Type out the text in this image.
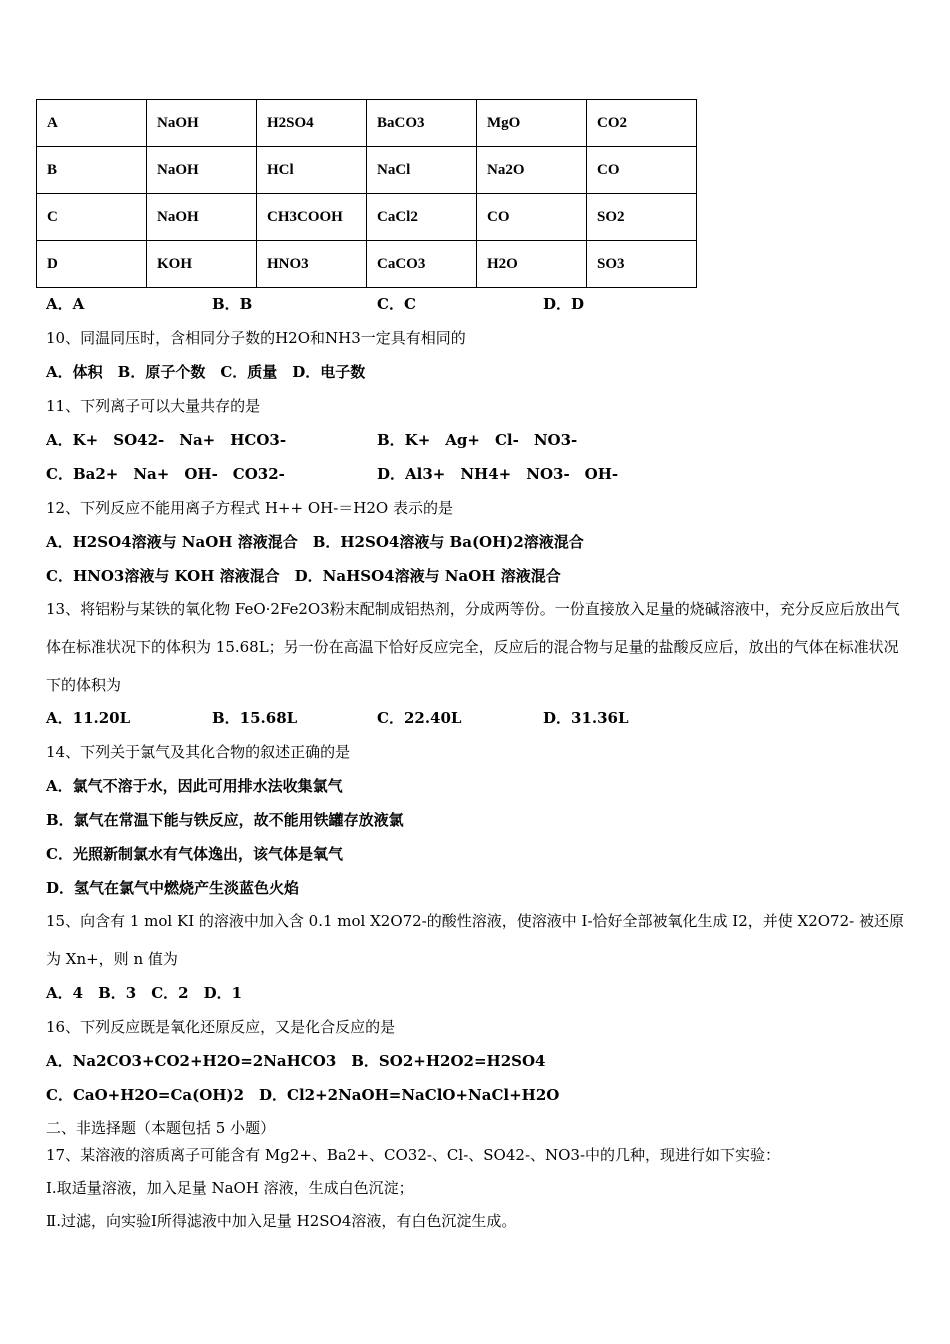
A	NaOH	H2SO4	BaCO3	MgO	CO2
B	NaOH	HCl	NaCl	Na2O	CO
C	NaOH	CH3COOH	CaCl2	CO	SO2
D	KOH	HNO3	CaCO3	H2O	SO3
A．A	B．B	C．C	D．D
10、同温同压时，含相同分子数的H2O和NH3一定具有相同的
A．体积　B．原子个数　C．质量　D．电子数
11、下列离子可以大量共存的是
A．K+　SO42-　Na+　HCO3-	B．K+　Ag+　Cl-　NO3-
C．Ba2+　Na+　OH-　CO32-	D．Al3+　NH4+　NO3-　OH-
12、下列反应不能用离子方程式 H++ OH-＝H2O 表示的是
A．H2SO4溶液与 NaOH 溶液混合　B．H2SO4溶液与 Ba(OH)2溶液混合
C．HNO3溶液与 KOH 溶液混合　D．NaHSO4溶液与 NaOH 溶液混合
13、将铝粉与某铁的氧化物 FeO·2Fe2O3粉末配制成铝热剂，分成两等份。一份直接放入足量的烧碱溶液中，充分反应后放出气体在标准状况下的体积为 15.68L；另一份在高温下恰好反应完全，反应后的混合物与足量的盐酸反应后，放出的气体在标准状况下的体积为
A．11.20L	B．15.68L	C．22.40L	D．31.36L
14、下列关于氯气及其化合物的叙述正确的是
A．氯气不溶于水，因此可用排水法收集氯气
B．氯气在常温下能与铁反应，故不能用铁罐存放液氯
C．光照新制氯水有气体逸出，该气体是氧气
D．氢气在氯气中燃烧产生淡蓝色火焰
15、向含有 1 mol KI 的溶液中加入含 0.1 mol X2O72-的酸性溶液，使溶液中 I-恰好全部被氧化生成 I2，并使 X2O72- 被还原为 Xn+，则 n 值为
A．4　B．3　C．2　D．1
16、下列反应既是氧化还原反应，又是化合反应的是
A．Na2CO3+CO2+H2O=2NaHCO3　B．SO2+H2O2=H2SO4
C．CaO+H2O=Ca(OH)2　D．Cl2+2NaOH=NaClO+NaCl+H2O
二、非选择题（本题包括 5 小题）
17、某溶液的溶质离子可能含有 Mg2+、Ba2+、CO32-、Cl-、SO42-、NO3-中的几种，现进行如下实验：
Ⅰ.取适量溶液，加入足量 NaOH 溶液，生成白色沉淀；
Ⅱ.过滤，向实验Ⅰ所得滤液中加入足量 H2SO4溶液，有白色沉淀生成。
